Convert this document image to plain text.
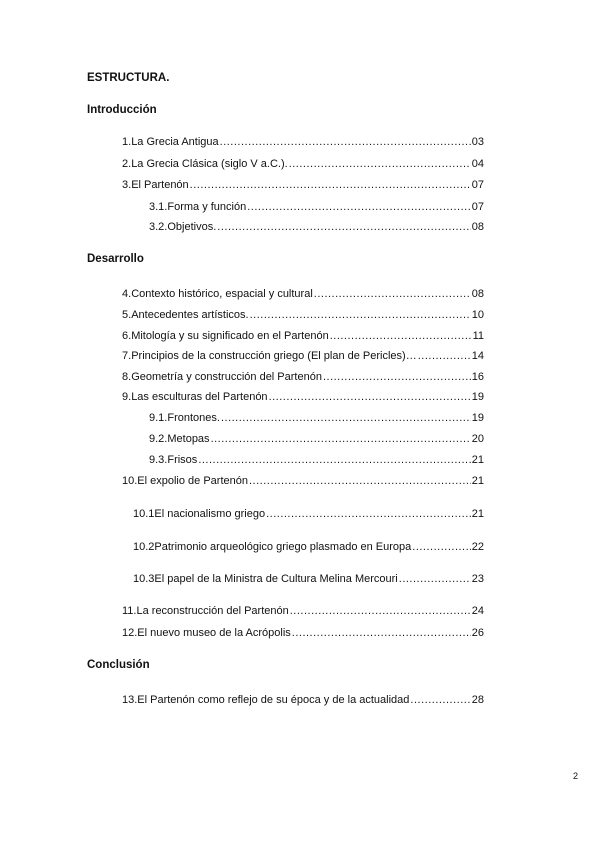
ESTRUCTURA.
Introducción
1. La Grecia Antigua .....	03
2. La Grecia Clásica (siglo V a.C.). .....	04
3. El Partenón .....	07
3.1. Forma y función .....	07
3.2. Objetivos. .....	08
Desarrollo
4. Contexto histórico, espacial y cultural .....	08
5. Antecedentes artísticos. .....	10
6. Mitología y su significado en el Partenón .....	11
7. Principios de la construcción griego (El plan de Pericles)… .....	14
8. Geometría y construcción del Partenón .....	16
9. Las esculturas del Partenón .....	19
9.1. Frontones. .....	19
9.2. Metopas .....	20
9.3. Frisos .....	21
10. El expolio de Partenón .....	21
10.1 El nacionalismo griego .....	21
10.2 Patrimonio arqueológico griego plasmado en Europa .....	22
10.3 El papel de la Ministra de Cultura Melina Mercouri .....	23
11. La reconstrucción del Partenón .....	24
12. El nuevo museo de la Acrópolis .....	26
Conclusión
13. El Partenón como reflejo de su época y de la actualidad .....	28
2
